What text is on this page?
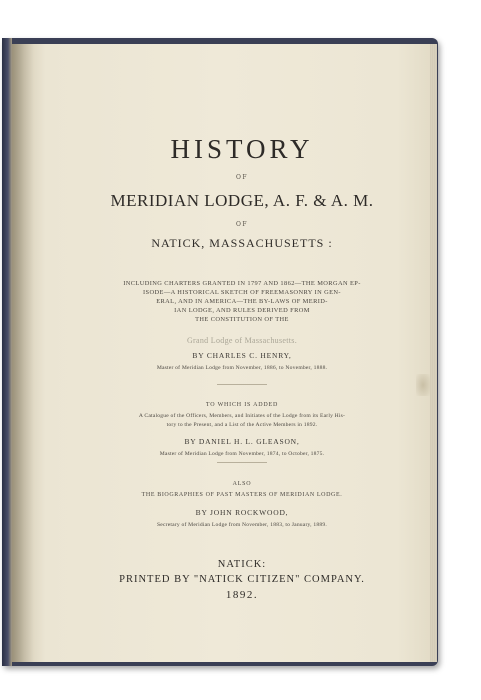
HISTORY
OF
MERIDIAN LODGE, A. F. & A. M.
OF
NATICK, MASSACHUSETTS :
INCLUDING CHARTERS GRANTED IN 1797 AND 1862—THE MORGAN EP-
ISODE—A HISTORICAL SKETCH OF FREEMASONRY IN GEN-
ERAL, AND IN AMERICA—THE BY-LAWS OF MERID-
IAN LODGE, AND RULES DERIVED FROM
THE CONSTITUTION OF THE
Grand Lodge of Massachusetts.
BY CHARLES C. HENRY,
Master of Meridian Lodge from November, 1886, to November, 1888.
TO WHICH IS ADDED
A Catalogue of the Officers, Members, and Initiates of the Lodge from its Early His-
tory to the Present, and a List of the Active Members in 1892.
BY DANIEL H. L. GLEASON,
Master of Meridian Lodge from November, 1874, to October, 1875.
ALSO
THE BIOGRAPHIES OF PAST MASTERS OF MERIDIAN LODGE.
BY JOHN ROCKWOOD,
Secretary of Meridian Lodge from November, 1883, to January, 1889.
NATICK:
PRINTED BY "NATICK CITIZEN" COMPANY.
1892.
